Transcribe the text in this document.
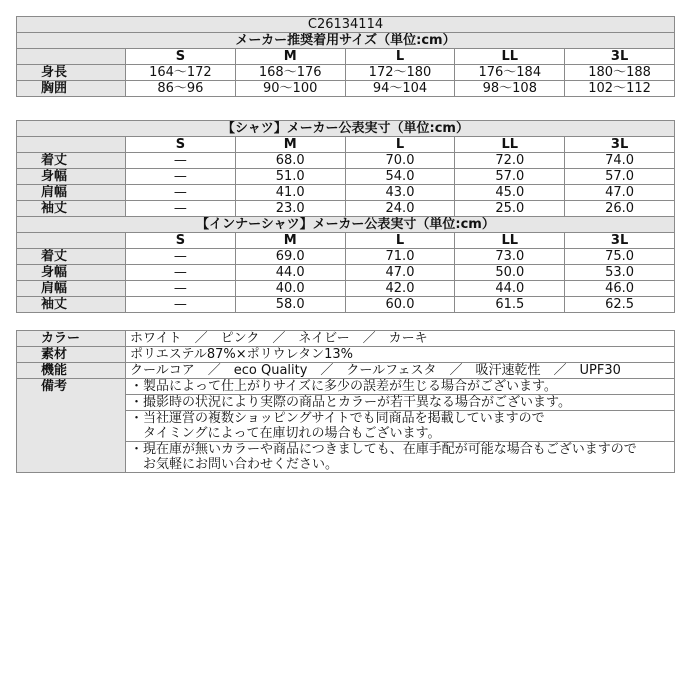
C26134114					
メーカー推奨着用サイズ（単位:cm）					
	S	M	L	LL	3L
身長	164〜172	168〜176	172〜180	176〜184	180〜188
胸囲	86〜96	90〜100	94〜104	98〜108	102〜112
【シャツ】メーカー公表実寸（単位:cm）					
	S	M	L	LL	3L
着丈	—	68.0	70.0	72.0	74.0
身幅	—	51.0	54.0	57.0	57.0
肩幅	—	41.0	43.0	45.0	47.0
袖丈	—	23.0	24.0	25.0	26.0
【インナーシャツ】メーカー公表実寸（単位:cm）					
	S	M	L	LL	3L
着丈	—	69.0	71.0	73.0	75.0
身幅	—	44.0	47.0	50.0	53.0
肩幅	—	40.0	42.0	44.0	46.0
袖丈	—	58.0	60.0	61.5	62.5
カラー	ホワイト　／　ピンク　／　ネイビー　／　カーキ
素材	ポリエステル87%×ポリウレタン13%
機能	クールコア　／　eco Quality　／　クールフェスタ　／　吸汗速乾性　／　UPF30
備考	・製品によって仕上がりサイズに多少の誤差が生じる場合がございます。

	・撮影時の状況により実際の商品とカラーが若干異なる場合がございます。

	・当社運営の複数ショッピングサイトでも同商品を掲載していますので
　タイミングによって在庫切れの場合もございます。

	・現在庫が無いカラーや商品につきましても、在庫手配が可能な場合もございますので
　お気軽にお問い合わせください。
